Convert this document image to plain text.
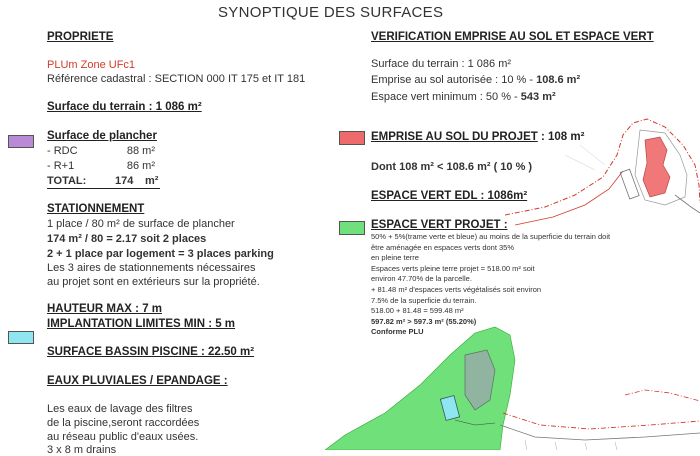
SYNOPTIQUE DES SURFACES
PROPRIETE
PLUm Zone UFc1
Référence cadastral : SECTION 000 IT 175 et IT 181
Surface du terrain : 1 086 m²
Surface de plancher
- RDC	88 m²
- R+1	86 m²
TOTAL:	174 m²
STATIONNEMENT
1 place / 80 m² de surface de plancher
174 m² / 80 = 2.17 soit 2 places
2 + 1 place par logement = 3 places parking
Les 3 aires de stationnements nécessaires
au projet sont en extérieurs sur la propriété.
HAUTEUR MAX : 7 m
IMPLANTATION LIMITES MIN : 5 m
SURFACE BASSIN PISCINE : 22.50 m²
EAUX PLUVIALES / EPANDAGE :
Les eaux de lavage des filtres
de la piscine,seront raccordées
au réseau public d'eaux usées.
3 x 8 m drains
VERIFICATION EMPRISE AU SOL ET ESPACE VERT
Surface du terrain : 1 086 m²
Emprise au sol autorisée : 10 % - 108.6 m²
Espace vert minimum : 50 % - 543 m²
EMPRISE AU SOL DU PROJET : 108 m²
Dont 108 m² < 108.6 m² ( 10 % )
ESPACE VERT EDL : 1086m²
ESPACE VERT PROJET :
50% + 5%(trame verte et bleue) au moins de la superficie du terrain doit
être aménagée en espaces verts dont 35%
en pleine terre
Espaces verts pleine terre projet = 518.00 m² soit
environ 47.70% de la parcelle.
+ 81.48 m² d'espaces verts végétalisés soit environ
7.5% de la superficie du terrain.
518.00 + 81.48 = 599.48 m²
597.82 m² > 597.3 m² (55.20%)
Conforme PLU
